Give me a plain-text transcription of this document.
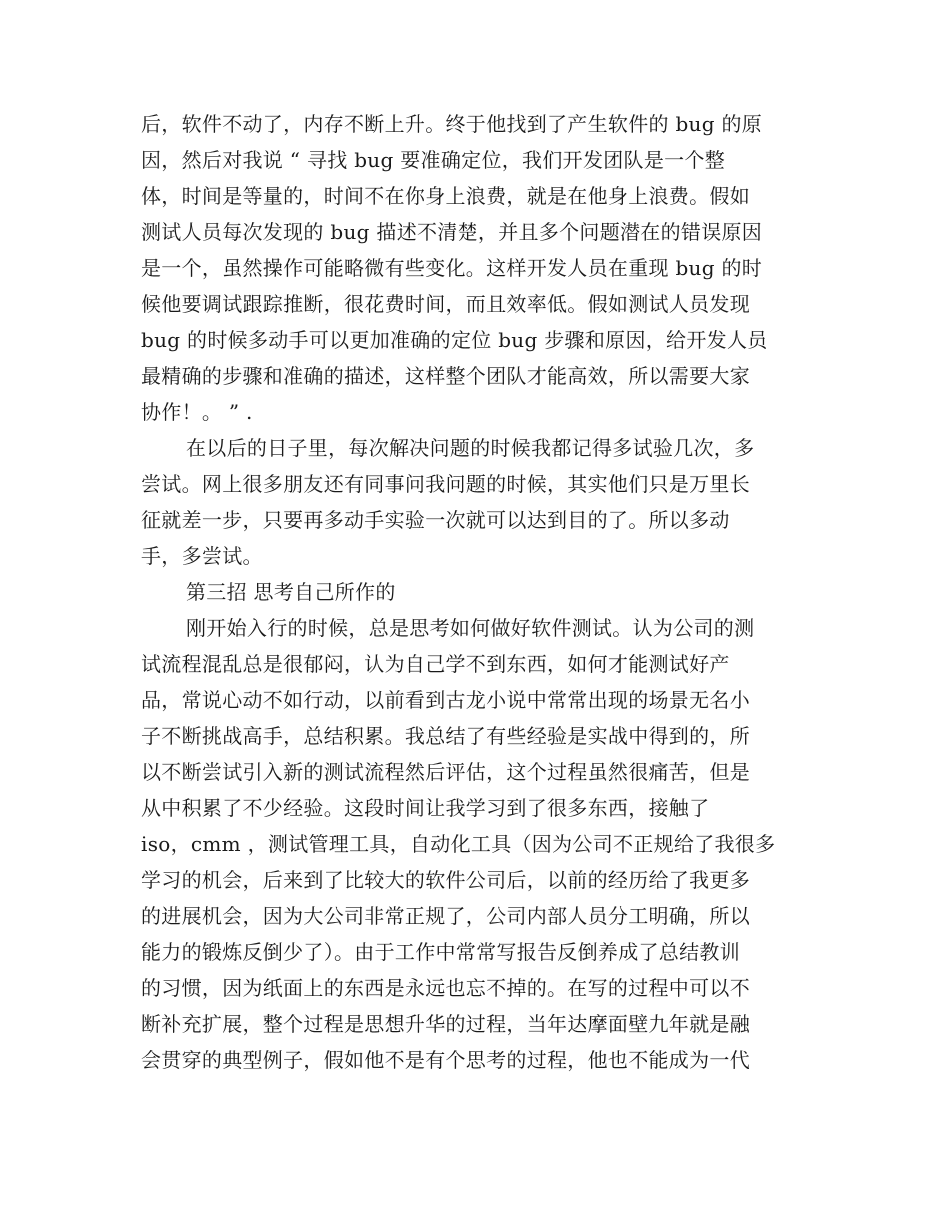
后，软件不动了，内存不断上升。终于他找到了产生软件的 bug 的原
因，然后对我说 “ 寻找 bug 要准确定位，我们开发团队是一个整
体，时间是等量的，时间不在你身上浪费，就是在他身上浪费。假如
测试人员每次发现的 bug 描述不清楚，并且多个问题潜在的错误原因
是一个，虽然操作可能略微有些变化。这样开发人员在重现 bug 的时
候他要调试跟踪推断，很花费时间，而且效率低。假如测试人员发现
bug 的时候多动手可以更加准确的定位 bug 步骤和原因，给开发人员
最精确的步骤和准确的描述，这样整个团队才能高效，所以需要大家
协作！。 ” .
在以后的日子里，每次解决问题的时候我都记得多试验几次，多
尝试。网上很多朋友还有同事问我问题的时候，其实他们只是万里长
征就差一步，只要再多动手实验一次就可以达到目的了。所以多动
手，多尝试。
第三招 思考自己所作的
刚开始入行的时候，总是思考如何做好软件测试。认为公司的测
试流程混乱总是很郁闷，认为自己学不到东西，如何才能测试好产
品，常说心动不如行动，以前看到古龙小说中常常出现的场景无名小
子不断挑战高手，总结积累。我总结了有些经验是实战中得到的，所
以不断尝试引入新的测试流程然后评估，这个过程虽然很痛苦，但是
从中积累了不少经验。这段时间让我学习到了很多东西，接触了
iso，cmm ，测试管理工具，自动化工具（因为公司不正规给了我很多
学习的机会，后来到了比较大的软件公司后，以前的经历给了我更多
的进展机会，因为大公司非常正规了，公司内部人员分工明确，所以
能力的锻炼反倒少了）。由于工作中常常写报告反倒养成了总结教训
的习惯，因为纸面上的东西是永远也忘不掉的。在写的过程中可以不
断补充扩展，整个过程是思想升华的过程，当年达摩面壁九年就是融
会贯穿的典型例子，假如他不是有个思考的过程，他也不能成为一代
